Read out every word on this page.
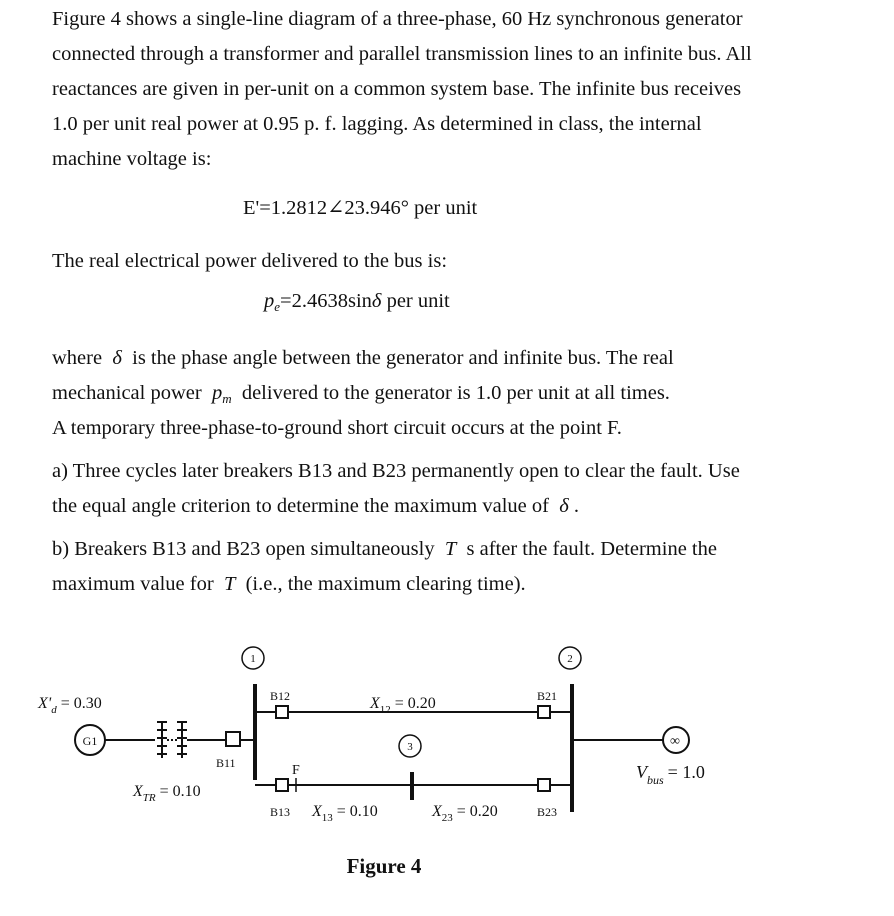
Figure 4 shows a single-line diagram of a three-phase, 60 Hz synchronous generator
connected through a transformer and parallel transmission lines to an infinite bus. All
reactances are given in per-unit on a common system base. The infinite bus receives
1.0 per unit real power at 0.95 p. f. lagging. As determined in class, the internal
machine voltage is:
E'=1.2812∠23.946° per unit
The real electrical power delivered to the bus is:
$p_e=2.4638\sin\delta$ per unit
where δ is the phase angle between the generator and infinite bus. The real
mechanical power $p_m$ delivered to the generator is 1.0 per unit at all times.
A temporary three-phase-to-ground short circuit occurs at the point F.
a) Three cycles later breakers B13 and B23 permanently open to clear the fault. Use
the equal angle criterion to determine the maximum value of δ .
b) Breakers B13 and B23 open simultaneously T s after the fault. Determine the
maximum value for T (i.e., the maximum clearing time).
1	2
3
G1	∞
B11
B12	B21
B13	B23
F
$X'_d = 0.30$
$X_{TR} = 0.10$
$X_{12} = 0.20$
$X_{13} = 0.10$	$X_{23} = 0.20$
$V_{bus} = 1.0$
Figure 4
